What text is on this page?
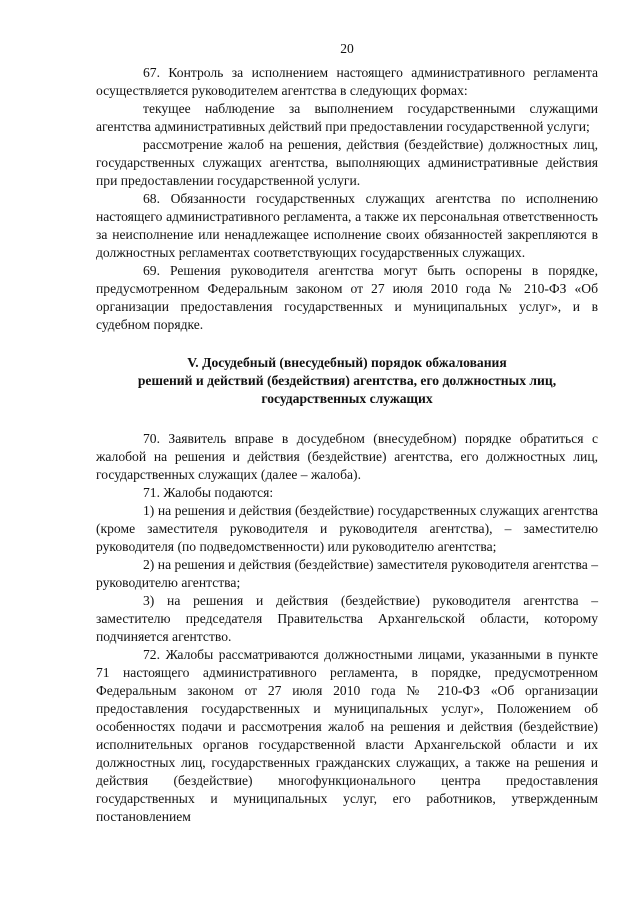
20

67. Контроль за исполнением настоящего административного регламента осуществляется руководителем агентства в следующих формах:

текущее наблюдение за выполнением государственными служащими агентства административных действий при предоставлении государственной услуги;

рассмотрение жалоб на решения, действия (бездействие) должностных лиц, государственных служащих агентства, выполняющих административные действия при предоставлении государственной услуги.

68. Обязанности государственных служащих агентства по исполнению настоящего административного регламента, а также их персональная ответственность за неисполнение или ненадлежащее исполнение своих обязанностей закрепляются в должностных регламентах соответствующих государственных служащих.

69. Решения руководителя агентства могут быть оспорены в порядке, предусмотренном Федеральным законом от 27 июля 2010 года № 210-ФЗ «Об организации предоставления государственных и муниципальных услуг», и в судебном порядке.

V. Досудебный (внесудебный) порядок обжалования
решений и действий (бездействия) агентства, его должностных лиц,
государственных служащих

70. Заявитель вправе в досудебном (внесудебном) порядке обратиться с жалобой на решения и действия (бездействие) агентства, его должностных лиц, государственных служащих (далее – жалоба).

71. Жалобы подаются:

1) на решения и действия (бездействие) государственных служащих агентства (кроме заместителя руководителя и руководителя агентства), – заместителю руководителя (по подведомственности) или руководителю агентства;

2) на решения и действия (бездействие) заместителя руководителя агентства – руководителю агентства;

3) на решения и действия (бездействие) руководителя агентства – заместителю председателя Правительства Архангельской области, которому подчиняется агентство.

72. Жалобы рассматриваются должностными лицами, указанными в пункте 71 настоящего административного регламента, в порядке, предусмотренном Федеральным законом от 27 июля 2010 года № 210-ФЗ «Об организации предоставления государственных и муниципальных услуг», Положением об особенностях подачи и рассмотрения жалоб на решения и действия (бездействие) исполнительных органов государственной власти Архангельской области и их должностных лиц, государственных гражданских служащих, а также на решения и действия (бездействие) многофункционального центра предоставления государственных и муниципальных услуг, его работников, утвержденным постановлением
